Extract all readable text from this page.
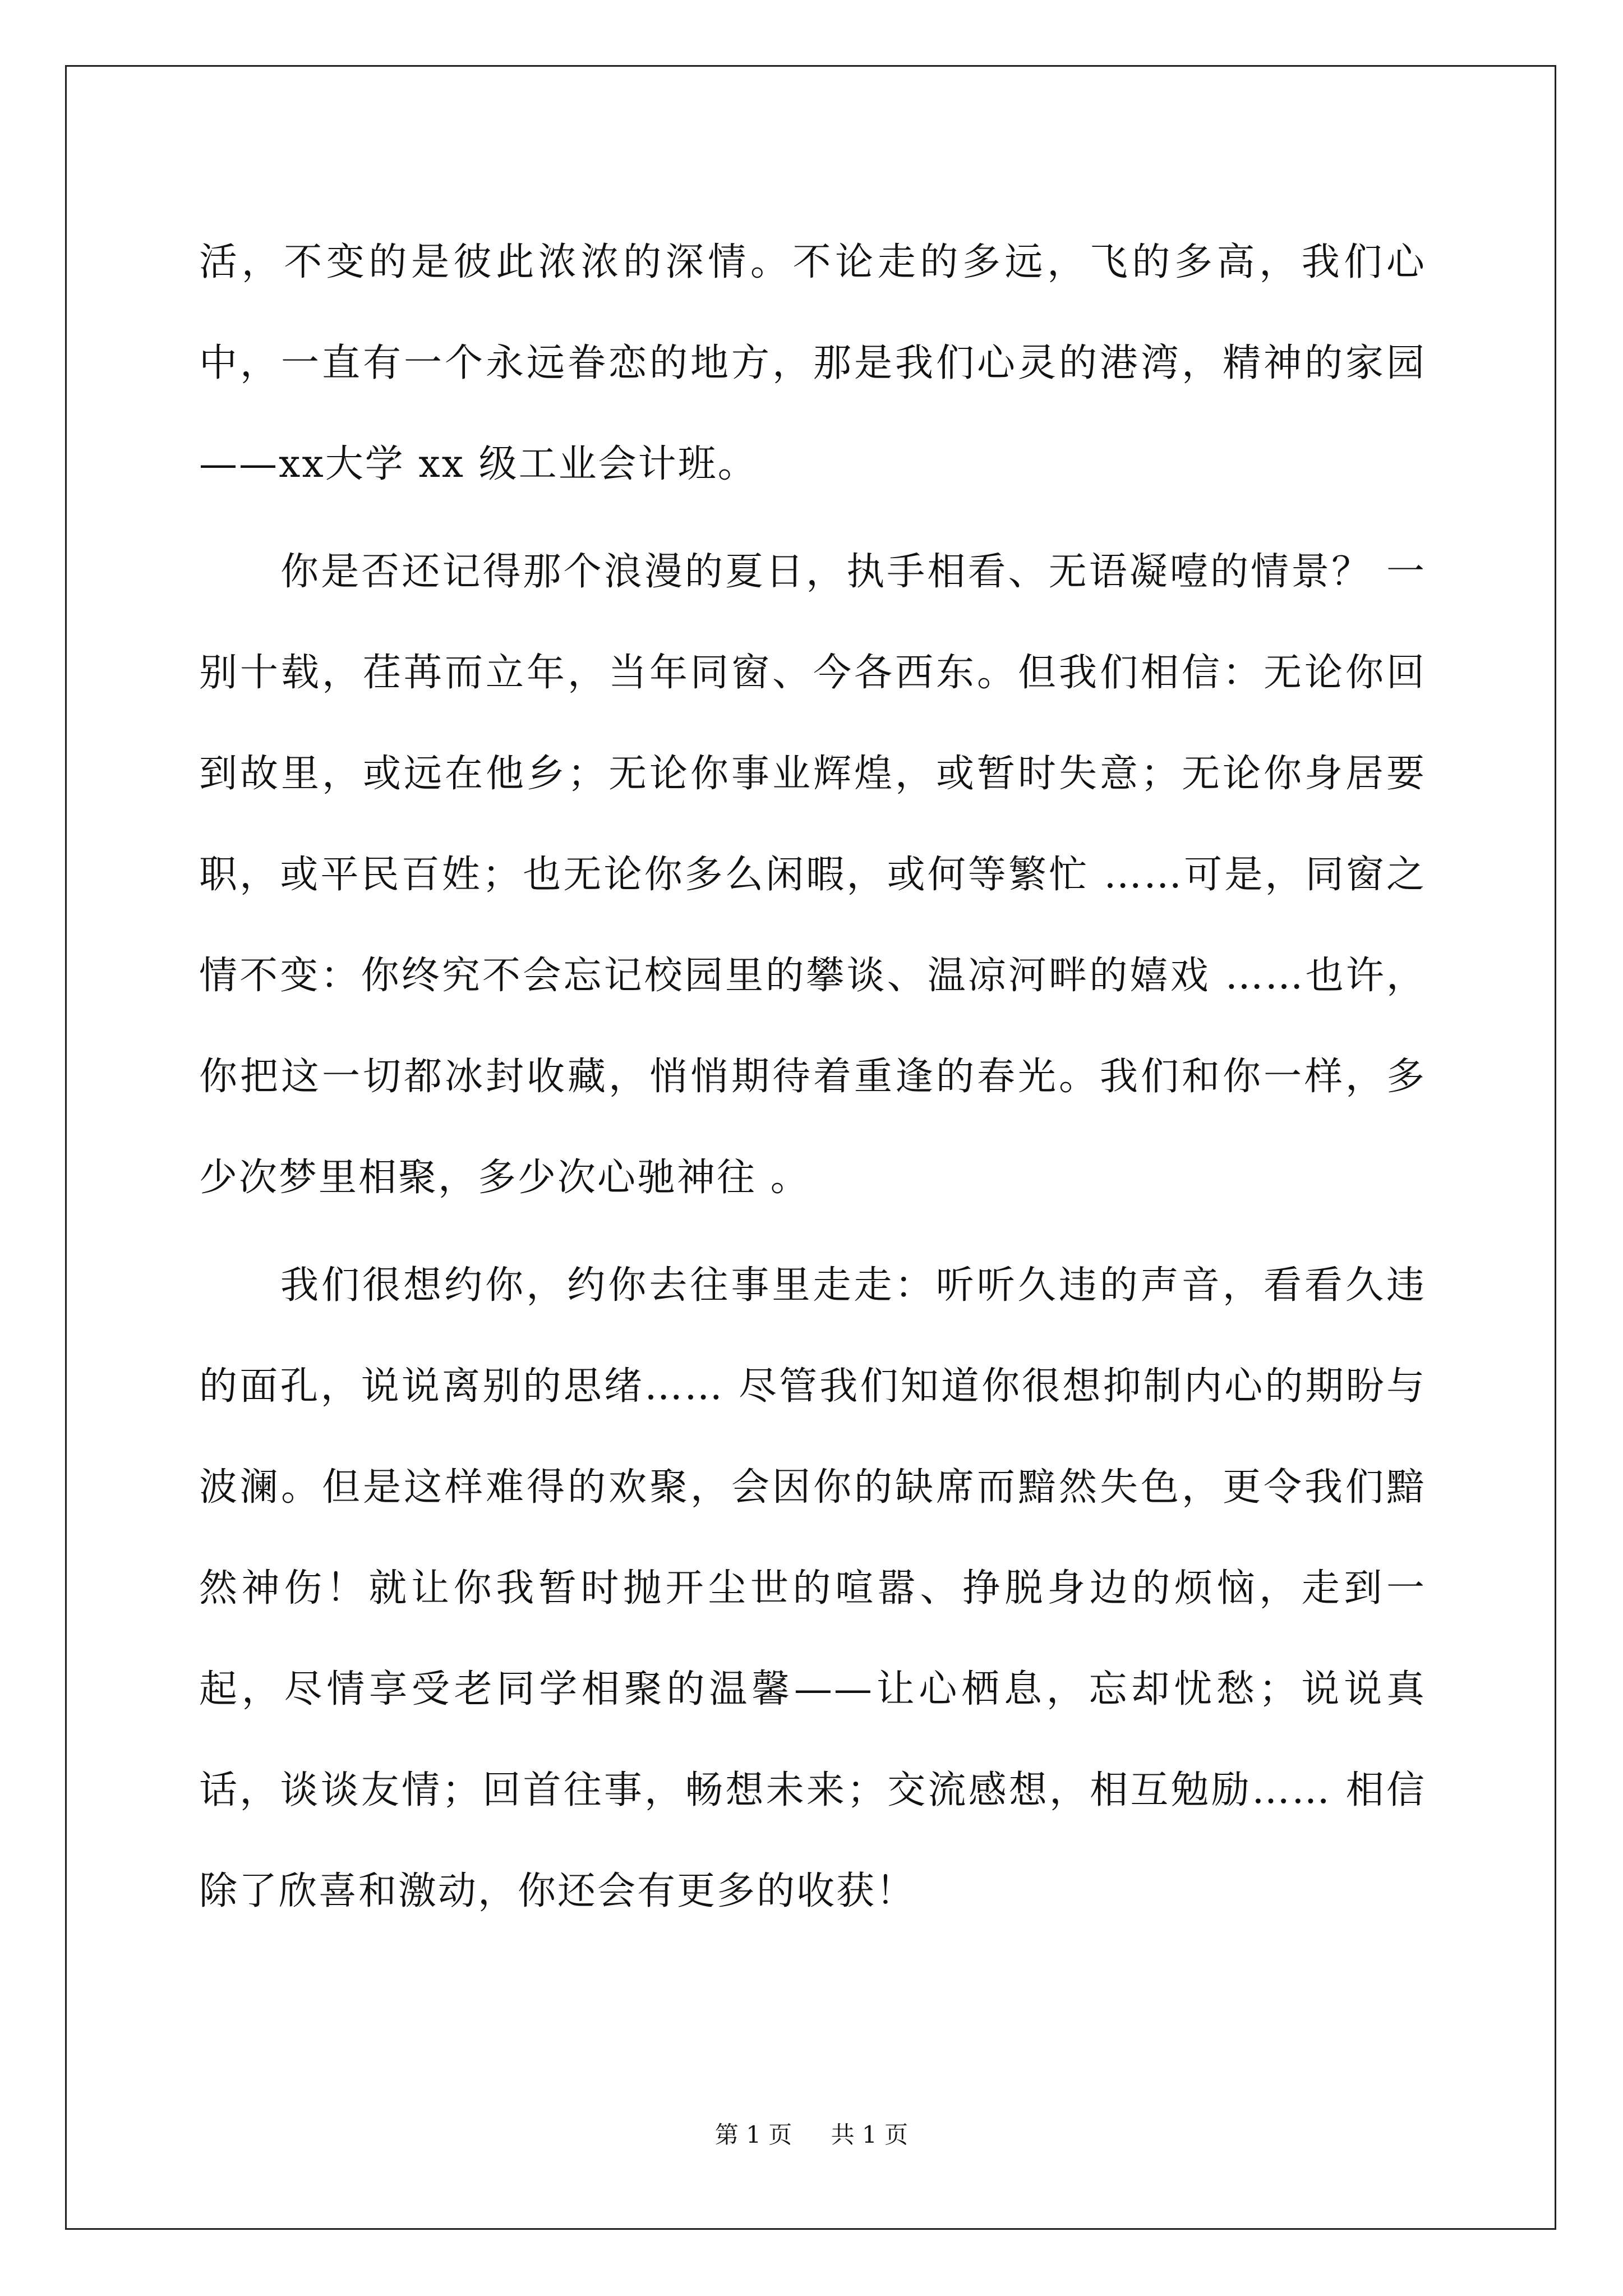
活，不变的是彼此浓浓的深情。不论走的多远，飞的多高，我们心中，一直有一个永远眷恋的地方，那是我们心灵的港湾，精神的家园——xx大学 xx 级工业会计班。

你是否还记得那个浪漫的夏日，执手相看、无语凝噎的情景？ 一别十载，荏苒而立年，当年同窗、今各西东。但我们相信：无论你回到故里，或远在他乡；无论你事业辉煌，或暂时失意；无论你身居要职，或平民百姓；也无论你多么闲暇，或何等繁忙 ……可是，同窗之情不变：你终究不会忘记校园里的攀谈、温凉河畔的嬉戏 ……也许，你把这一切都冰封收藏，悄悄期待着重逢的春光。我们和你一样，多少次梦里相聚，多少次心驰神往 。

我们很想约你，约你去往事里走走：听听久违的声音，看看久违的面孔，说说离别的思绪…… 尽管我们知道你很想抑制内心的期盼与波澜。但是这样难得的欢聚，会因你的缺席而黯然失色，更令我们黯然神伤！就让你我暂时抛开尘世的喧嚣、挣脱身边的烦恼，走到一起，尽情享受老同学相聚的温馨——让心栖息，忘却忧愁；说说真话，谈谈友情；回首往事，畅想未来；交流感想，相互勉励…… 相信除了欣喜和激动，你还会有更多的收获！

第 1 页 共 1 页
